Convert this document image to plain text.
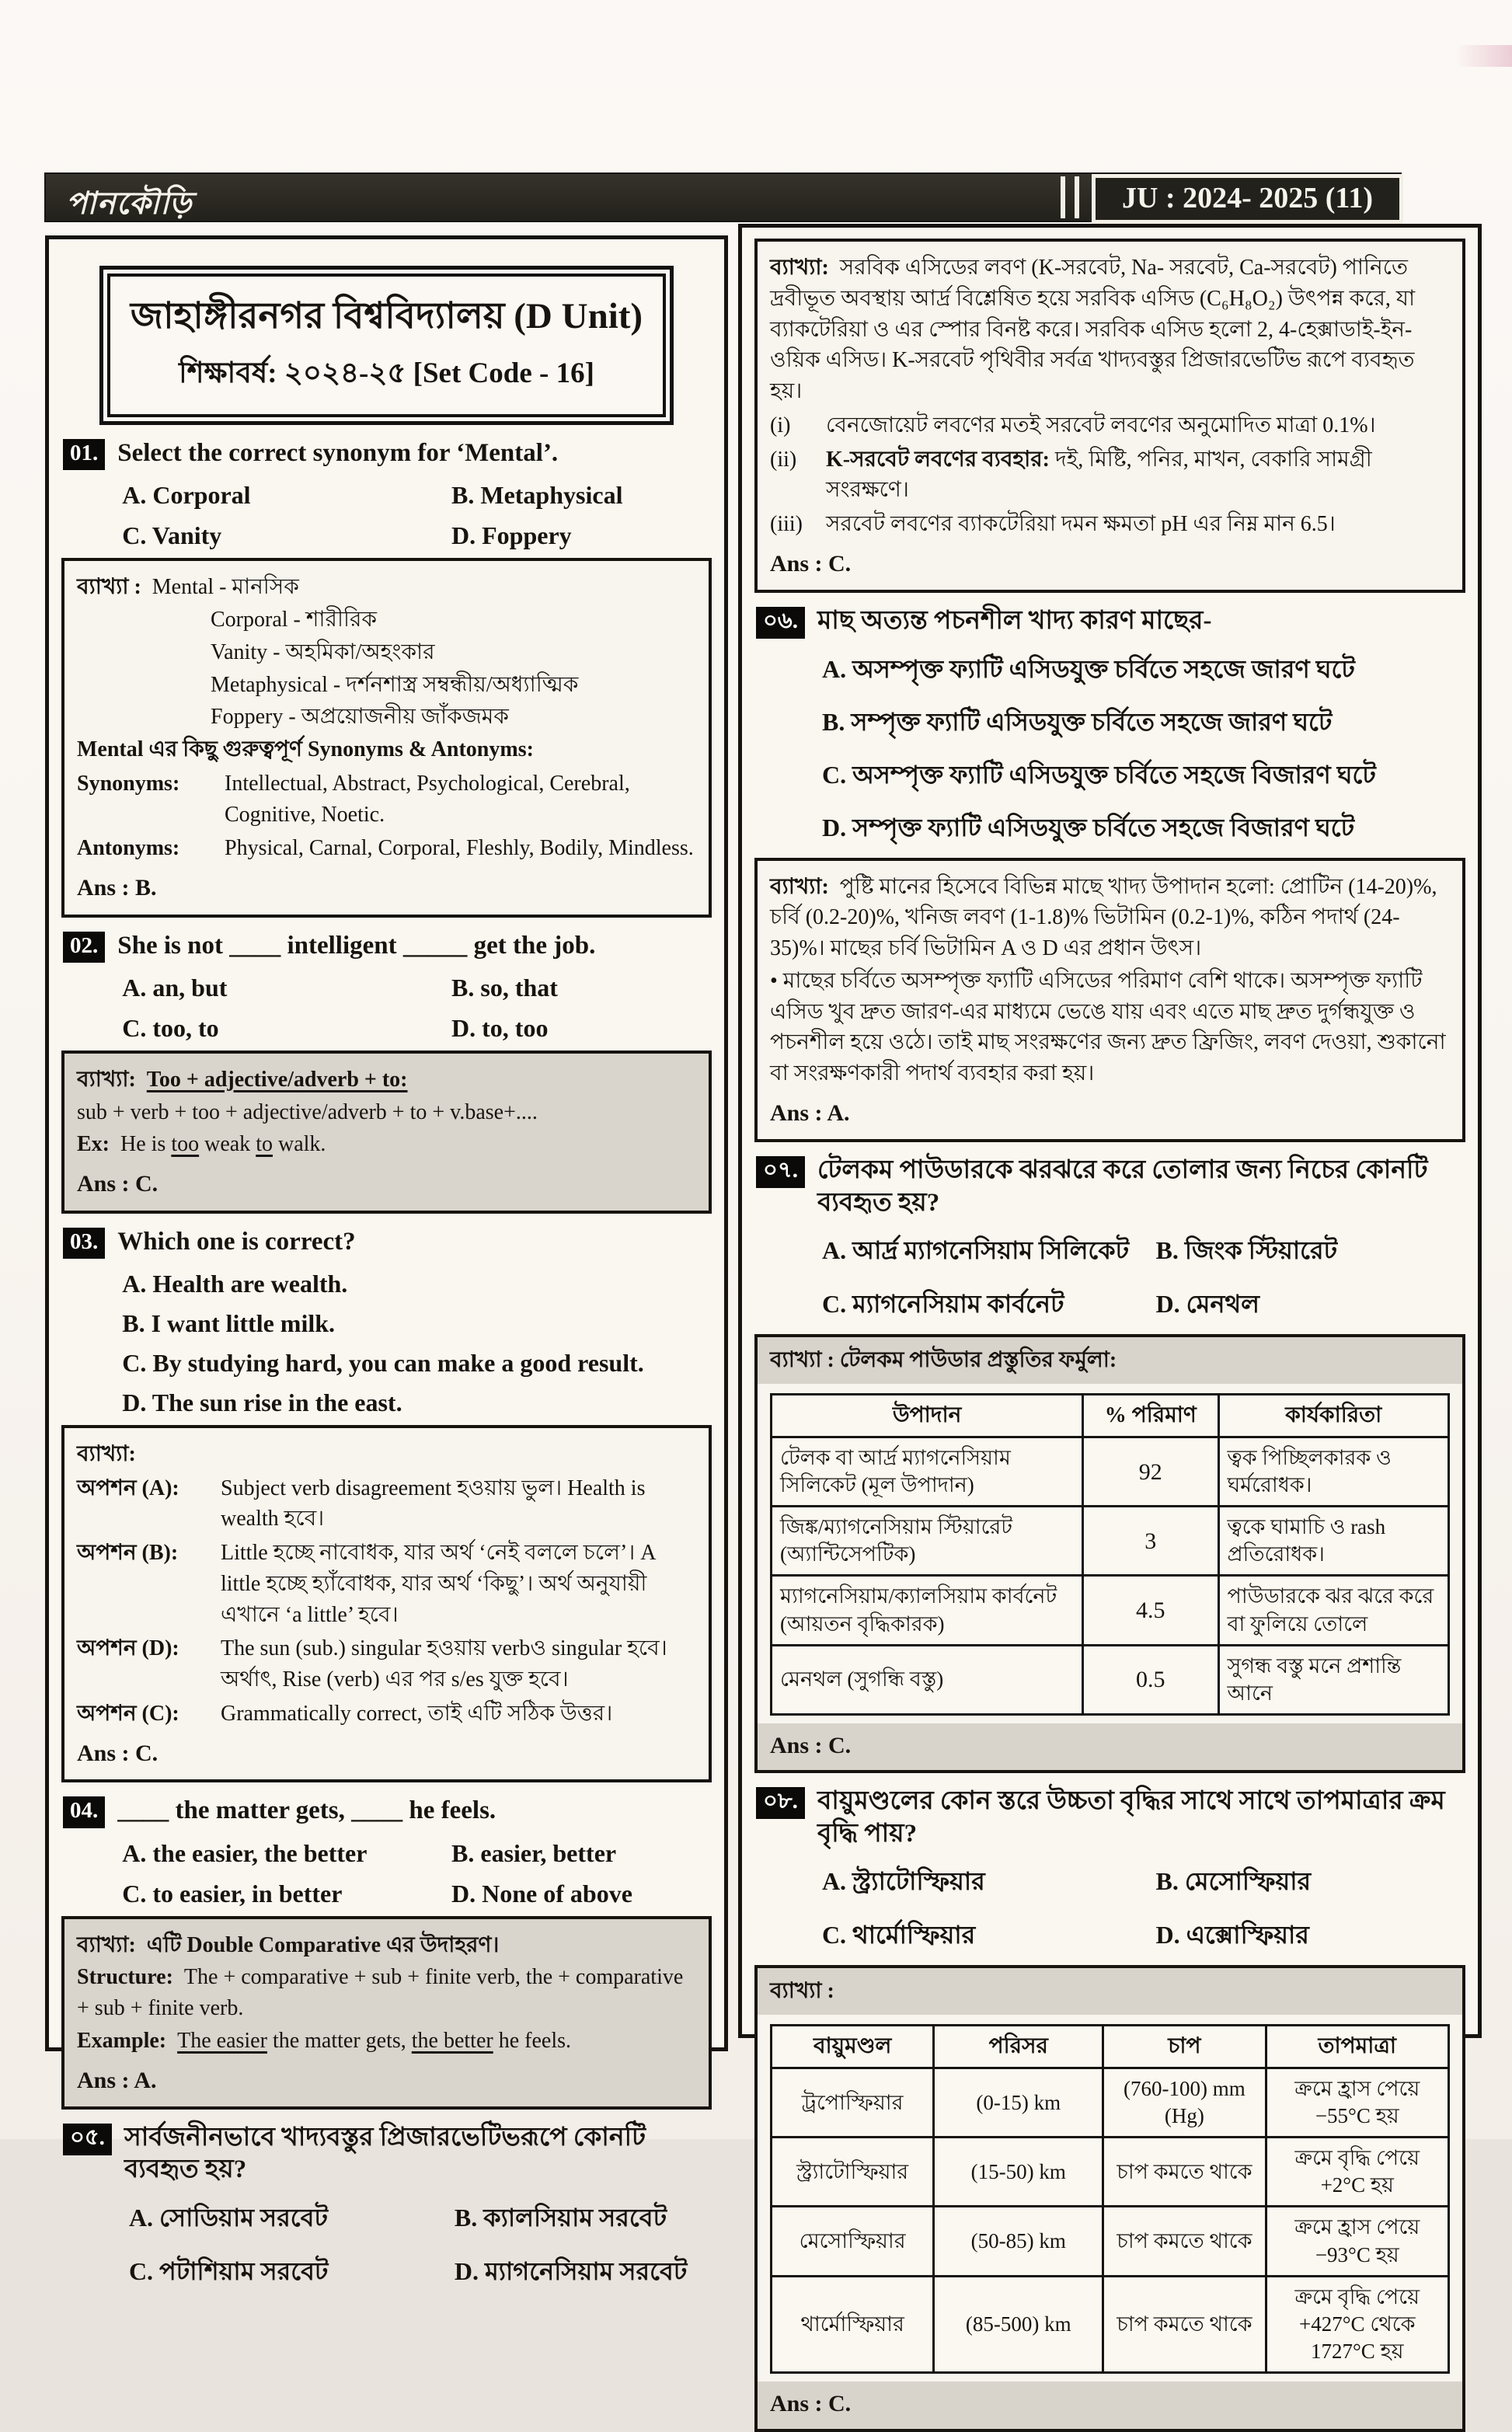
পানকৌড়ি	JU : 2024- 2025 (11)
জাহাঙ্গীরনগর বিশ্ববিদ্যালয় (D Unit)
শিক্ষাবর্ষ: ২০২৪-২৫ [Set Code - 16]
01. Select the correct synonym for ‘Mental’.
A. Corporal	B. Metaphysical
C. Vanity	D. Foppery
ব্যাখ্যা : Mental - মানসিক
Corporal - শারীরিক
Vanity - অহমিকা/অহংকার
Metaphysical - দর্শনশাস্ত্র সম্বন্ধীয়/অধ্যাত্মিক
Foppery - অপ্রয়োজনীয় জাঁকজমক
Mental এর কিছু গুরুত্বপূর্ণ Synonyms & Antonyms:
Synonyms:	Intellectual, Abstract, Psychological, Cerebral, Cognitive, Noetic.
Antonyms:	Physical, Carnal, Corporal, Fleshly, Bodily, Mindless.
Ans : B.
02. She is not ____ intelligent _____ get the job.
A. an, but	B. so, that
C. too, to	D. to, too
ব্যাখ্যা: Too + adjective/adverb + to:
sub + verb + too + adjective/adverb + to + v.base+....
Ex: He is too weak to walk.
Ans : C.
03. Which one is correct?
A. Health are wealth.
B. I want little milk.
C. By studying hard, you can make a good result.
D. The sun rise in the east.
ব্যাখ্যা:
অপশন (A):	Subject verb disagreement হওয়ায় ভুল। Health is wealth হবে।
অপশন (B):	Little হচ্ছে নাবোধক, যার অর্থ ‘নেই বললে চলে’। A little হচ্ছে হ্যাঁবোধক, যার অর্থ ‘কিছু’। অর্থ অনুযায়ী এখানে ‘a little’ হবে।
অপশন (D):	The sun (sub.) singular হওয়ায় verbও singular হবে। অর্থাৎ, Rise (verb) এর পর s/es যুক্ত হবে।
অপশন (C):	Grammatically correct, তাই এটি সঠিক উত্তর।
Ans : C.
04. ____ the matter gets, ____ he feels.
A. the easier, the better	B. easier, better
C. to easier, in better	D. None of above
ব্যাখ্যা: এটি Double Comparative এর উদাহরণ।
Structure: The + comparative + sub + finite verb, the + comparative + sub + finite verb.
Example: The easier the matter gets, the better he feels.
Ans : A.
০৫. সার্বজনীনভাবে খাদ্যবস্তুর প্রিজারভেটিভরূপে কোনটি ব্যবহৃত হয়?
A. সোডিয়াম সরবেট	B. ক্যালসিয়াম সরবেট
C. পটাশিয়াম সরবেট	D. ম্যাগনেসিয়াম সরবেট
ব্যাখ্যা: সরবিক এসিডের লবণ (K-সরবেট, Na- সরবেট, Ca-সরবেট) পানিতে দ্রবীভূত অবস্থায় আর্দ্র বিশ্লেষিত হয়ে সরবিক এসিড (C₆H₈O₂) উৎপন্ন করে, যা ব্যাকটেরিয়া ও এর স্পোর বিনষ্ট করে। সরবিক এসিড হলো 2, 4-হেক্সাডাই-ইন-ওয়িক এসিড। K-সরবেট পৃথিবীর সর্বত্র খাদ্যবস্তুর প্রিজারভেটিভ রূপে ব্যবহৃত হয়।
(i)	বেনজোয়েট লবণের মতই সরবেট লবণের অনুমোদিত মাত্রা 0.1%।
(ii)	K-সরবেট লবণের ব্যবহার: দই, মিষ্টি, পনির, মাখন, বেকারি সামগ্রী সংরক্ষণে।
(iii)	সরবেট লবণের ব্যাকটেরিয়া দমন ক্ষমতা pH এর নিম্ন মান 6.5।
Ans : C.
০৬. মাছ অত্যন্ত পচনশীল খাদ্য কারণ মাছের-
A. অসম্পৃক্ত ফ্যাটি এসিডযুক্ত চর্বিতে সহজে জারণ ঘটে
B. সম্পৃক্ত ফ্যাটি এসিডযুক্ত চর্বিতে সহজে জারণ ঘটে
C. অসম্পৃক্ত ফ্যাটি এসিডযুক্ত চর্বিতে সহজে বিজারণ ঘটে
D. সম্পৃক্ত ফ্যাটি এসিডযুক্ত চর্বিতে সহজে বিজারণ ঘটে
ব্যাখ্যা: পুষ্টি মানের হিসেবে বিভিন্ন মাছে খাদ্য উপাদান হলো: প্রোটিন (14-20)%, চর্বি (0.2-20)%, খনিজ লবণ (1-1.8)% ভিটামিন (0.2-1)%, কঠিন পদার্থ (24-35)%। মাছের চর্বি ভিটামিন A ও D এর প্রধান উৎস।
• মাছের চর্বিতে অসম্পৃক্ত ফ্যাটি এসিডের পরিমাণ বেশি থাকে। অসম্পৃক্ত ফ্যাটি এসিড খুব দ্রুত জারণ-এর মাধ্যমে ভেঙে যায় এবং এতে মাছ দ্রুত দুর্গন্ধযুক্ত ও পচনশীল হয়ে ওঠে। তাই মাছ সংরক্ষণের জন্য দ্রুত ফ্রিজিং, লবণ দেওয়া, শুকানো বা সংরক্ষণকারী পদার্থ ব্যবহার করা হয়।
Ans : A.
০৭. টেলকম পাউডারকে ঝরঝরে করে তোলার জন্য নিচের কোনটি ব্যবহৃত হয়?
A. আর্দ্র ম্যাগনেসিয়াম সিলিকেট	B. জিংক স্টিয়ারেট
C. ম্যাগনেসিয়াম কার্বনেট	D. মেনথল
ব্যাখ্যা : টেলকম পাউডার প্রস্তুতির ফর্মুলা:
উপাদান	% পরিমাণ	কার্যকারিতা
টেলক বা আর্দ্র ম্যাগনেসিয়াম সিলিকেট (মূল উপাদান)	92	ত্বক পিচ্ছিলকারক ও ঘর্মরোধক।
জিঙ্ক/ম্যাগনেসিয়াম স্টিয়ারেট (অ্যান্টিসেপটিক)	3	ত্বকে ঘামাচি ও rash প্রতিরোধক।
ম্যাগনেসিয়াম/ক্যালসিয়াম কার্বনেট (আয়তন বৃদ্ধিকারক)	4.5	পাউডারকে ঝর ঝরে করে বা ফুলিয়ে তোলে
মেনথল (সুগন্ধি বস্তু)	0.5	সুগন্ধ বস্তু মনে প্রশান্তি আনে
Ans : C.
০৮. বায়ুমণ্ডলের কোন স্তরে উচ্চতা বৃদ্ধির সাথে সাথে তাপমাত্রার ক্রম বৃদ্ধি পায়?
A. স্ট্র্যাটোস্ফিয়ার	B. মেসোস্ফিয়ার
C. থার্মোস্ফিয়ার	D. এক্সোস্ফিয়ার
ব্যাখ্যা :
বায়ুমণ্ডল	পরিসর	চাপ	তাপমাত্রা
ট্রপোস্ফিয়ার	(0-15) km	(760-100) mm (Hg)	ক্রমে হ্রাস পেয়ে −55°C হয়
স্ট্র্যাটোস্ফিয়ার	(15-50) km	চাপ কমতে থাকে	ক্রমে বৃদ্ধি পেয়ে +2°C হয়
মেসোস্ফিয়ার	(50-85) km	চাপ কমতে থাকে	ক্রমে হ্রাস পেয়ে −93°C হয়
থার্মোস্ফিয়ার	(85-500) km	চাপ কমতে থাকে	ক্রমে বৃদ্ধি পেয়ে +427°C থেকে 1727°C হয়
Ans : C.
